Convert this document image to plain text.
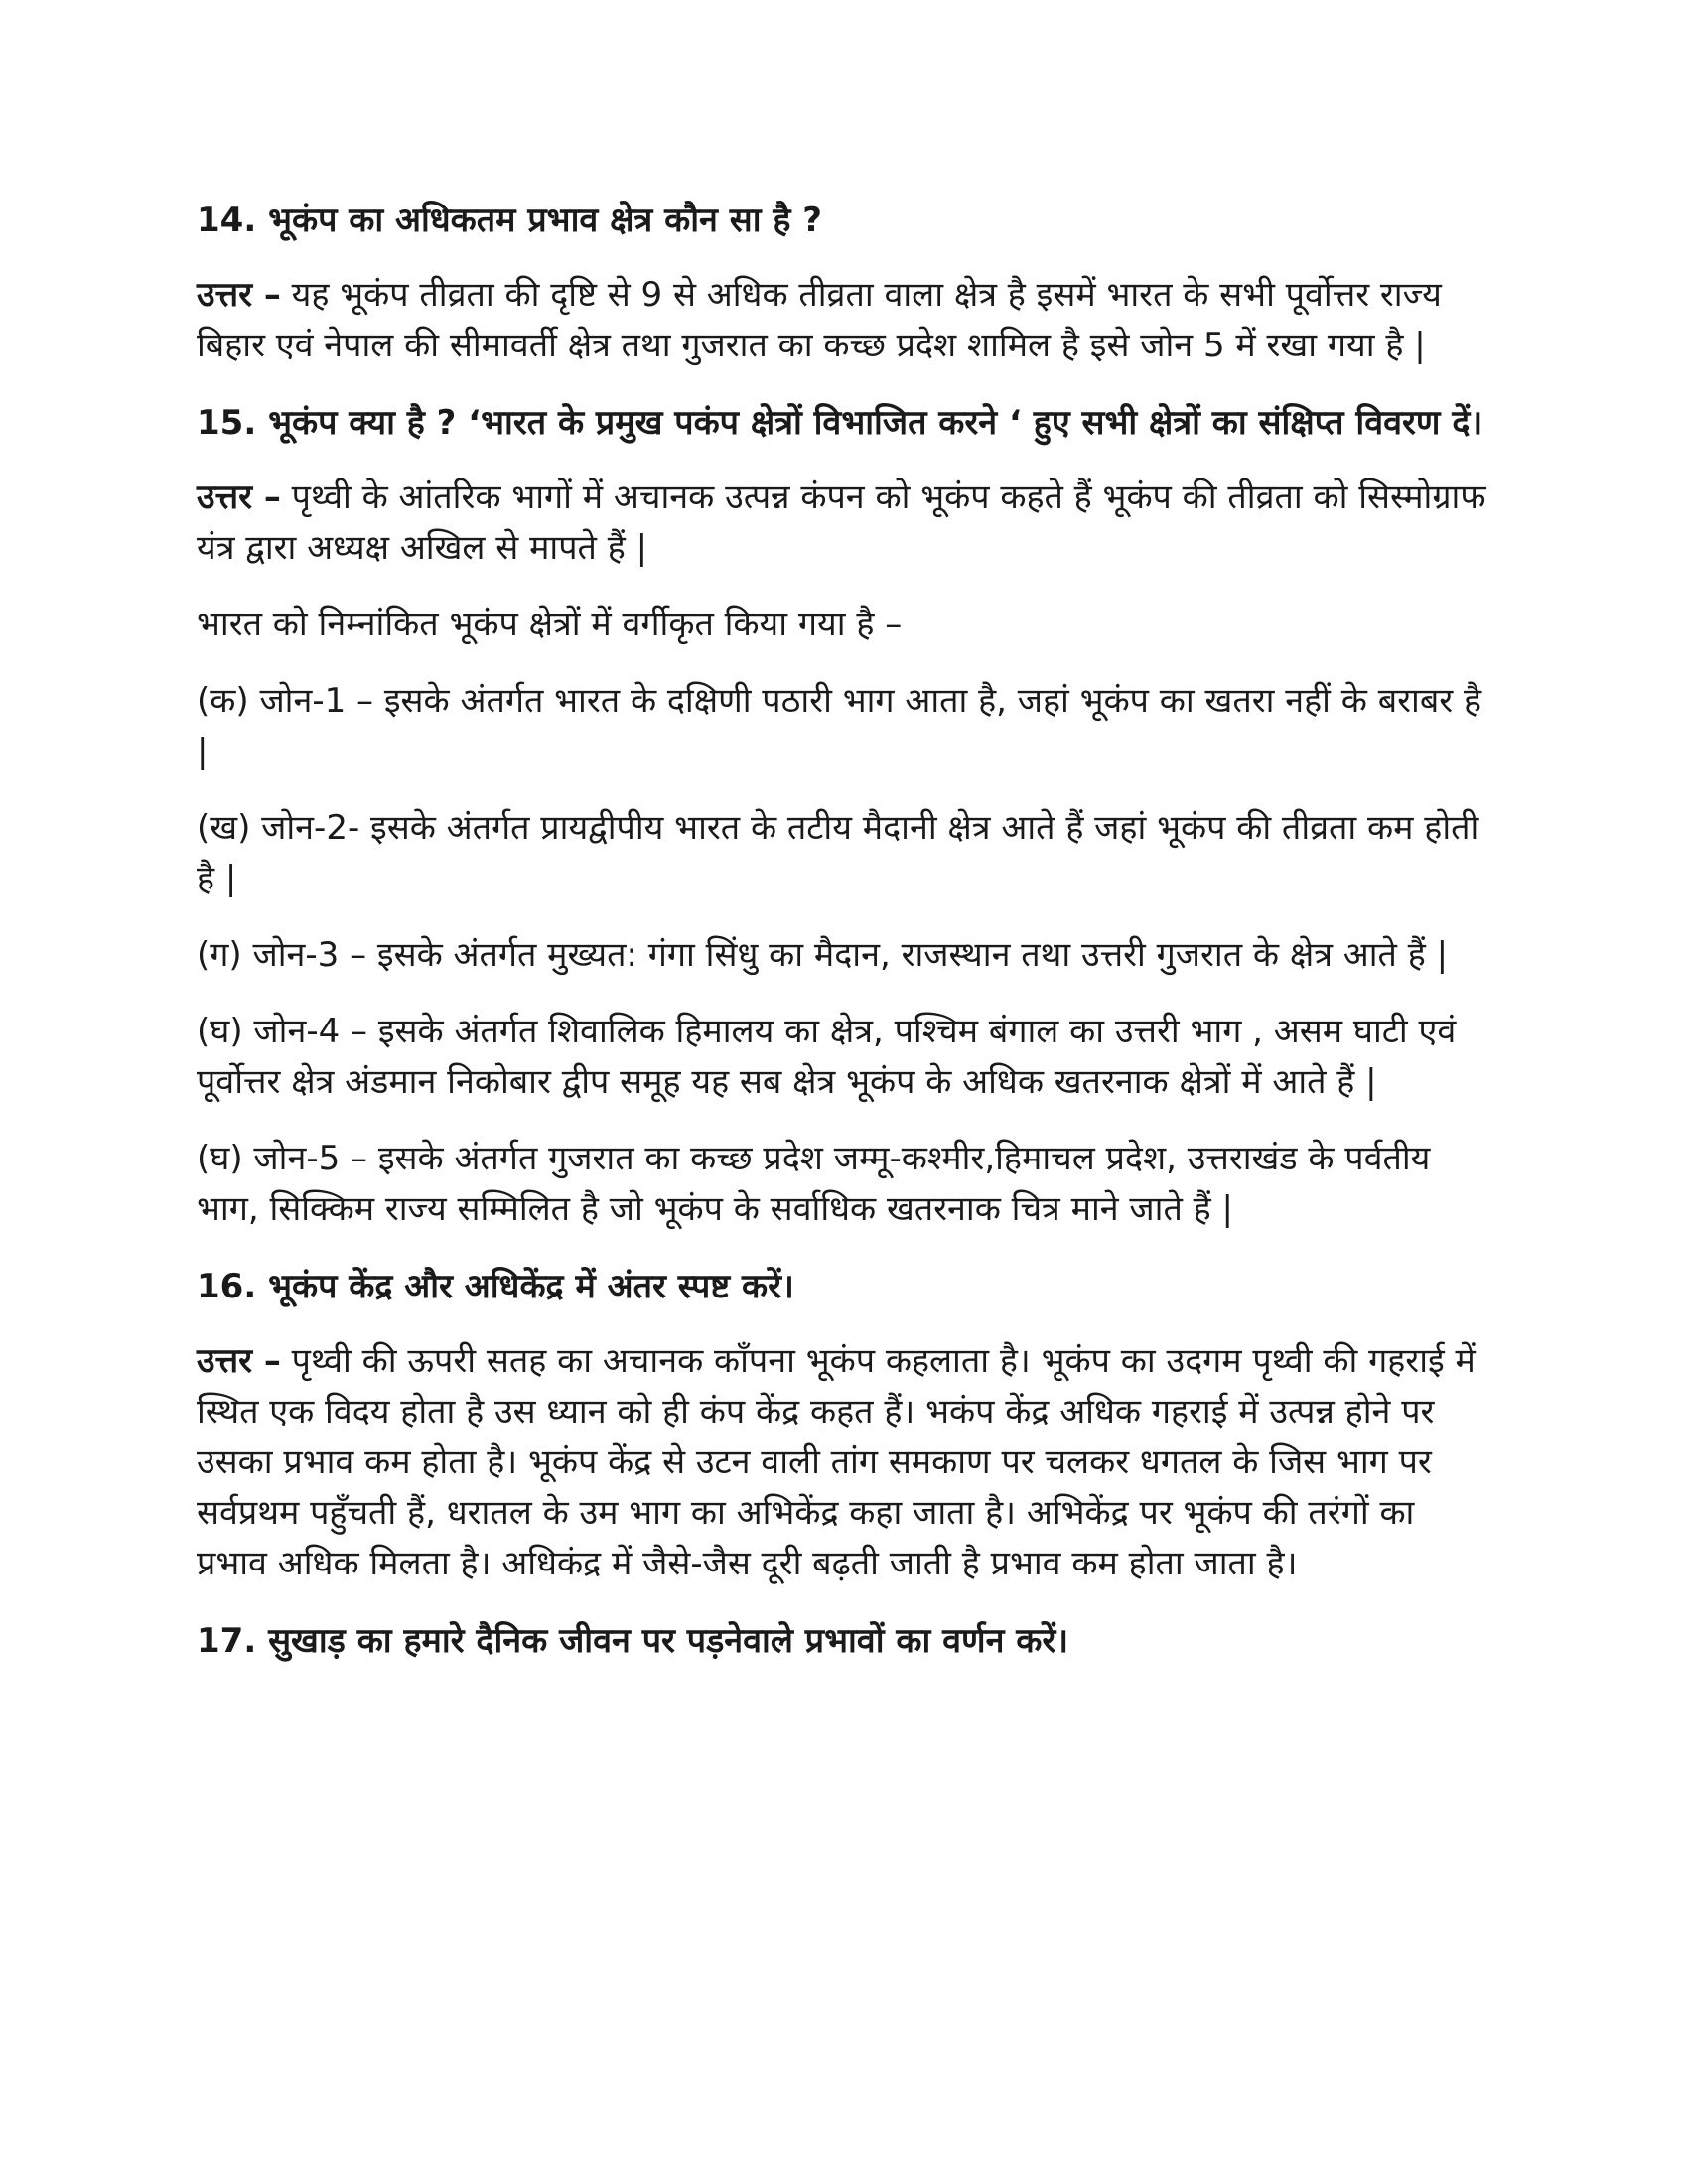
14. भूकंप का अधिकतम प्रभाव क्षेत्र कौन सा है ?
उत्तर – यह भूकंप तीव्रता की दृष्टि से 9 से अधिक तीव्रता वाला क्षेत्र है इसमें भारत के सभी पूर्वोत्तर राज्य बिहार एवं नेपाल की सीमावर्ती क्षेत्र तथा गुजरात का कच्छ प्रदेश शामिल है इसे जोन 5 में रखा गया है |
15. भूकंप क्या है ? ‘भारत के प्रमुख पकंप क्षेत्रों विभाजित करने ‘ हुए सभी क्षेत्रों का संक्षिप्त विवरण दें।
उत्तर – पृथ्वी के आंतरिक भागों में अचानक उत्पन्न कंपन को भूकंप कहते हैं भूकंप की तीव्रता को सिस्मोग्राफ यंत्र द्वारा अध्यक्ष अखिल से मापते हैं |
भारत को निम्नांकित भूकंप क्षेत्रों में वर्गीकृत किया गया है –
(क) जोन-1 – इसके अंतर्गत भारत के दक्षिणी पठारी भाग आता है, जहां भूकंप का खतरा नहीं के बराबर है |
(ख) जोन-2- इसके अंतर्गत प्रायद्वीपीय भारत के तटीय मैदानी क्षेत्र आते हैं जहां भूकंप की तीव्रता कम होती है |
(ग) जोन-3 – इसके अंतर्गत मुख्यत: गंगा सिंधु का मैदान, राजस्थान तथा उत्तरी गुजरात के क्षेत्र आते हैं |
(घ) जोन-4 – इसके अंतर्गत शिवालिक हिमालय का क्षेत्र, पश्चिम बंगाल का उत्तरी भाग , असम घाटी एवं पूर्वोत्तर क्षेत्र अंडमान निकोबार द्वीप समूह यह सब क्षेत्र भूकंप के अधिक खतरनाक क्षेत्रों में आते हैं |
(घ) जोन-5 – इसके अंतर्गत गुजरात का कच्छ प्रदेश जम्मू-कश्मीर,हिमाचल प्रदेश, उत्तराखंड के पर्वतीय भाग, सिक्किम राज्य सम्मिलित है जो भूकंप के सर्वाधिक खतरनाक चित्र माने जाते हैं |
16. भूकंप केंद्र और अधिकेंद्र में अंतर स्पष्ट करें।
उत्तर – पृथ्वी की ऊपरी सतह का अचानक काँपना भूकंप कहलाता है। भूकंप का उदगम पृथ्वी की गहराई में स्थित एक विदय होता है उस ध्यान को ही कंप केंद्र कहत हैं। भकंप केंद्र अधिक गहराई में उत्पन्न होने पर उसका प्रभाव कम होता है। भूकंप केंद्र से उटन वाली तांग समकाण पर चलकर धगतल के जिस भाग पर सर्वप्रथम पहुँचती हैं, धरातल के उम भाग का अभिकेंद्र कहा जाता है। अभिकेंद्र पर भूकंप की तरंगों का प्रभाव अधिक मिलता है। अधिकंद्र में जैसे-जैस दूरी बढ़ती जाती है प्रभाव कम होता जाता है।
17. सुखाड़ का हमारे दैनिक जीवन पर पड़नेवाले प्रभावों का वर्णन करें।
